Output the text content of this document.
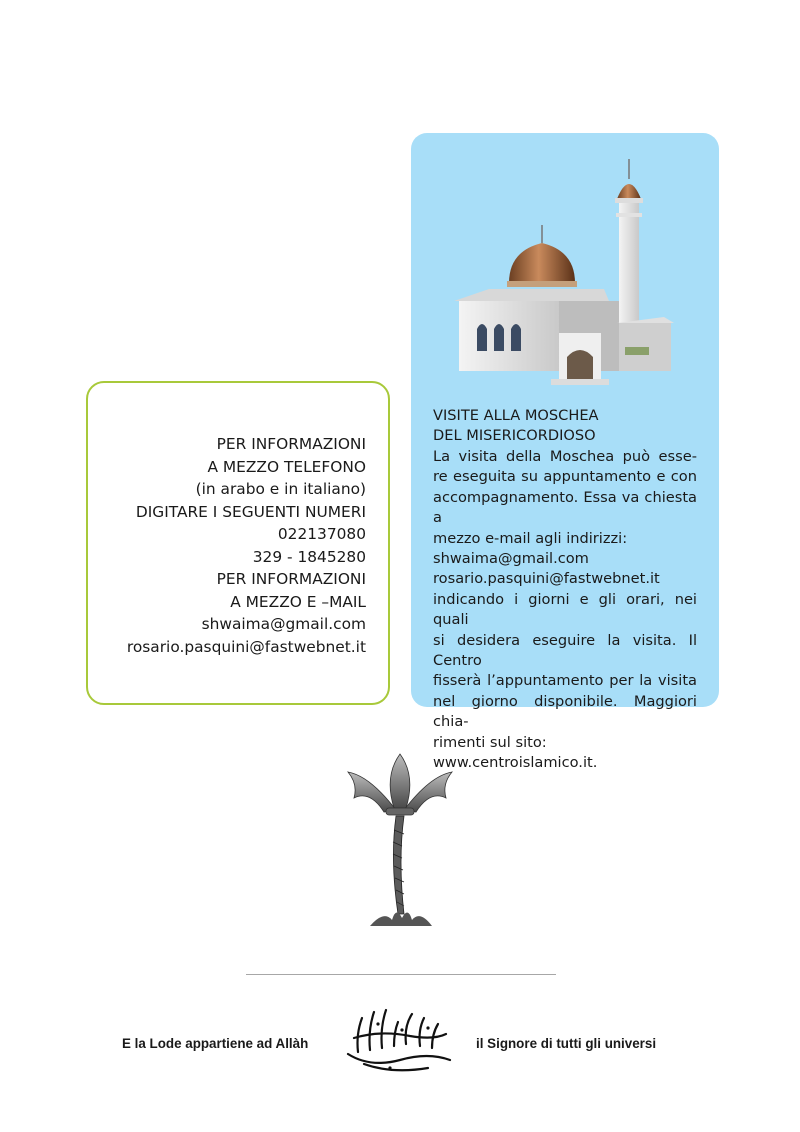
PER INFORMAZIONI
A MEZZO TELEFONO
(in arabo e in italiano)
DIGITARE I SEGUENTI NUMERI
022137080
329 - 1845280
PER INFORMAZIONI
A MEZZO E –MAIL
shwaima@gmail.com
rosario.pasquini@fastwebnet.it
VISITE ALLA MOSCHEA
DEL MISERICORDIOSO
La visita della Moschea può esse-
re eseguita su appuntamento e con
accompagnamento. Essa va chiesta a
mezzo e-mail agli indirizzi:
shwaima@gmail.com
rosario.pasquini@fastwebnet.it
indicando i giorni e gli orari, nei quali
si desidera eseguire la visita. Il Centro
fisserà l’appuntamento per la visita
nel giorno disponibile. Maggiori chia-
rimenti sul sito:
www.centroislamico.it.
E la Lode appartiene ad Allàh	il Signore di tutti gli universi
